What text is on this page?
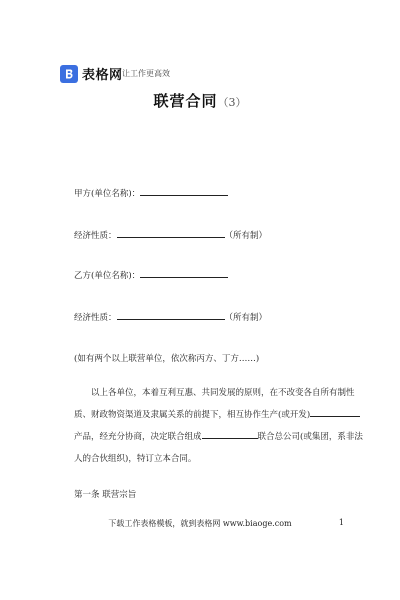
表格网 让工作更高效
联营合同（3）
甲方(单位名称)：
经济性质：	（所有制）
乙方(单位名称)：
经济性质：	（所有制）
(如有两个以上联营单位，依次称丙方、丁方……)
以上各单位，本着互利互惠、共同发展的原则，在不改变各自所有制性质、财政物资渠道及隶属关系的前提下，相互协作生产(或开发)产品，经充分协商，决定联合组成	联合总公司(或集团，系非法人的合伙组织)，特订立本合同。
第一条 联营宗旨
下载工作表格模板，就到表格网 www.biaoge.com	1
